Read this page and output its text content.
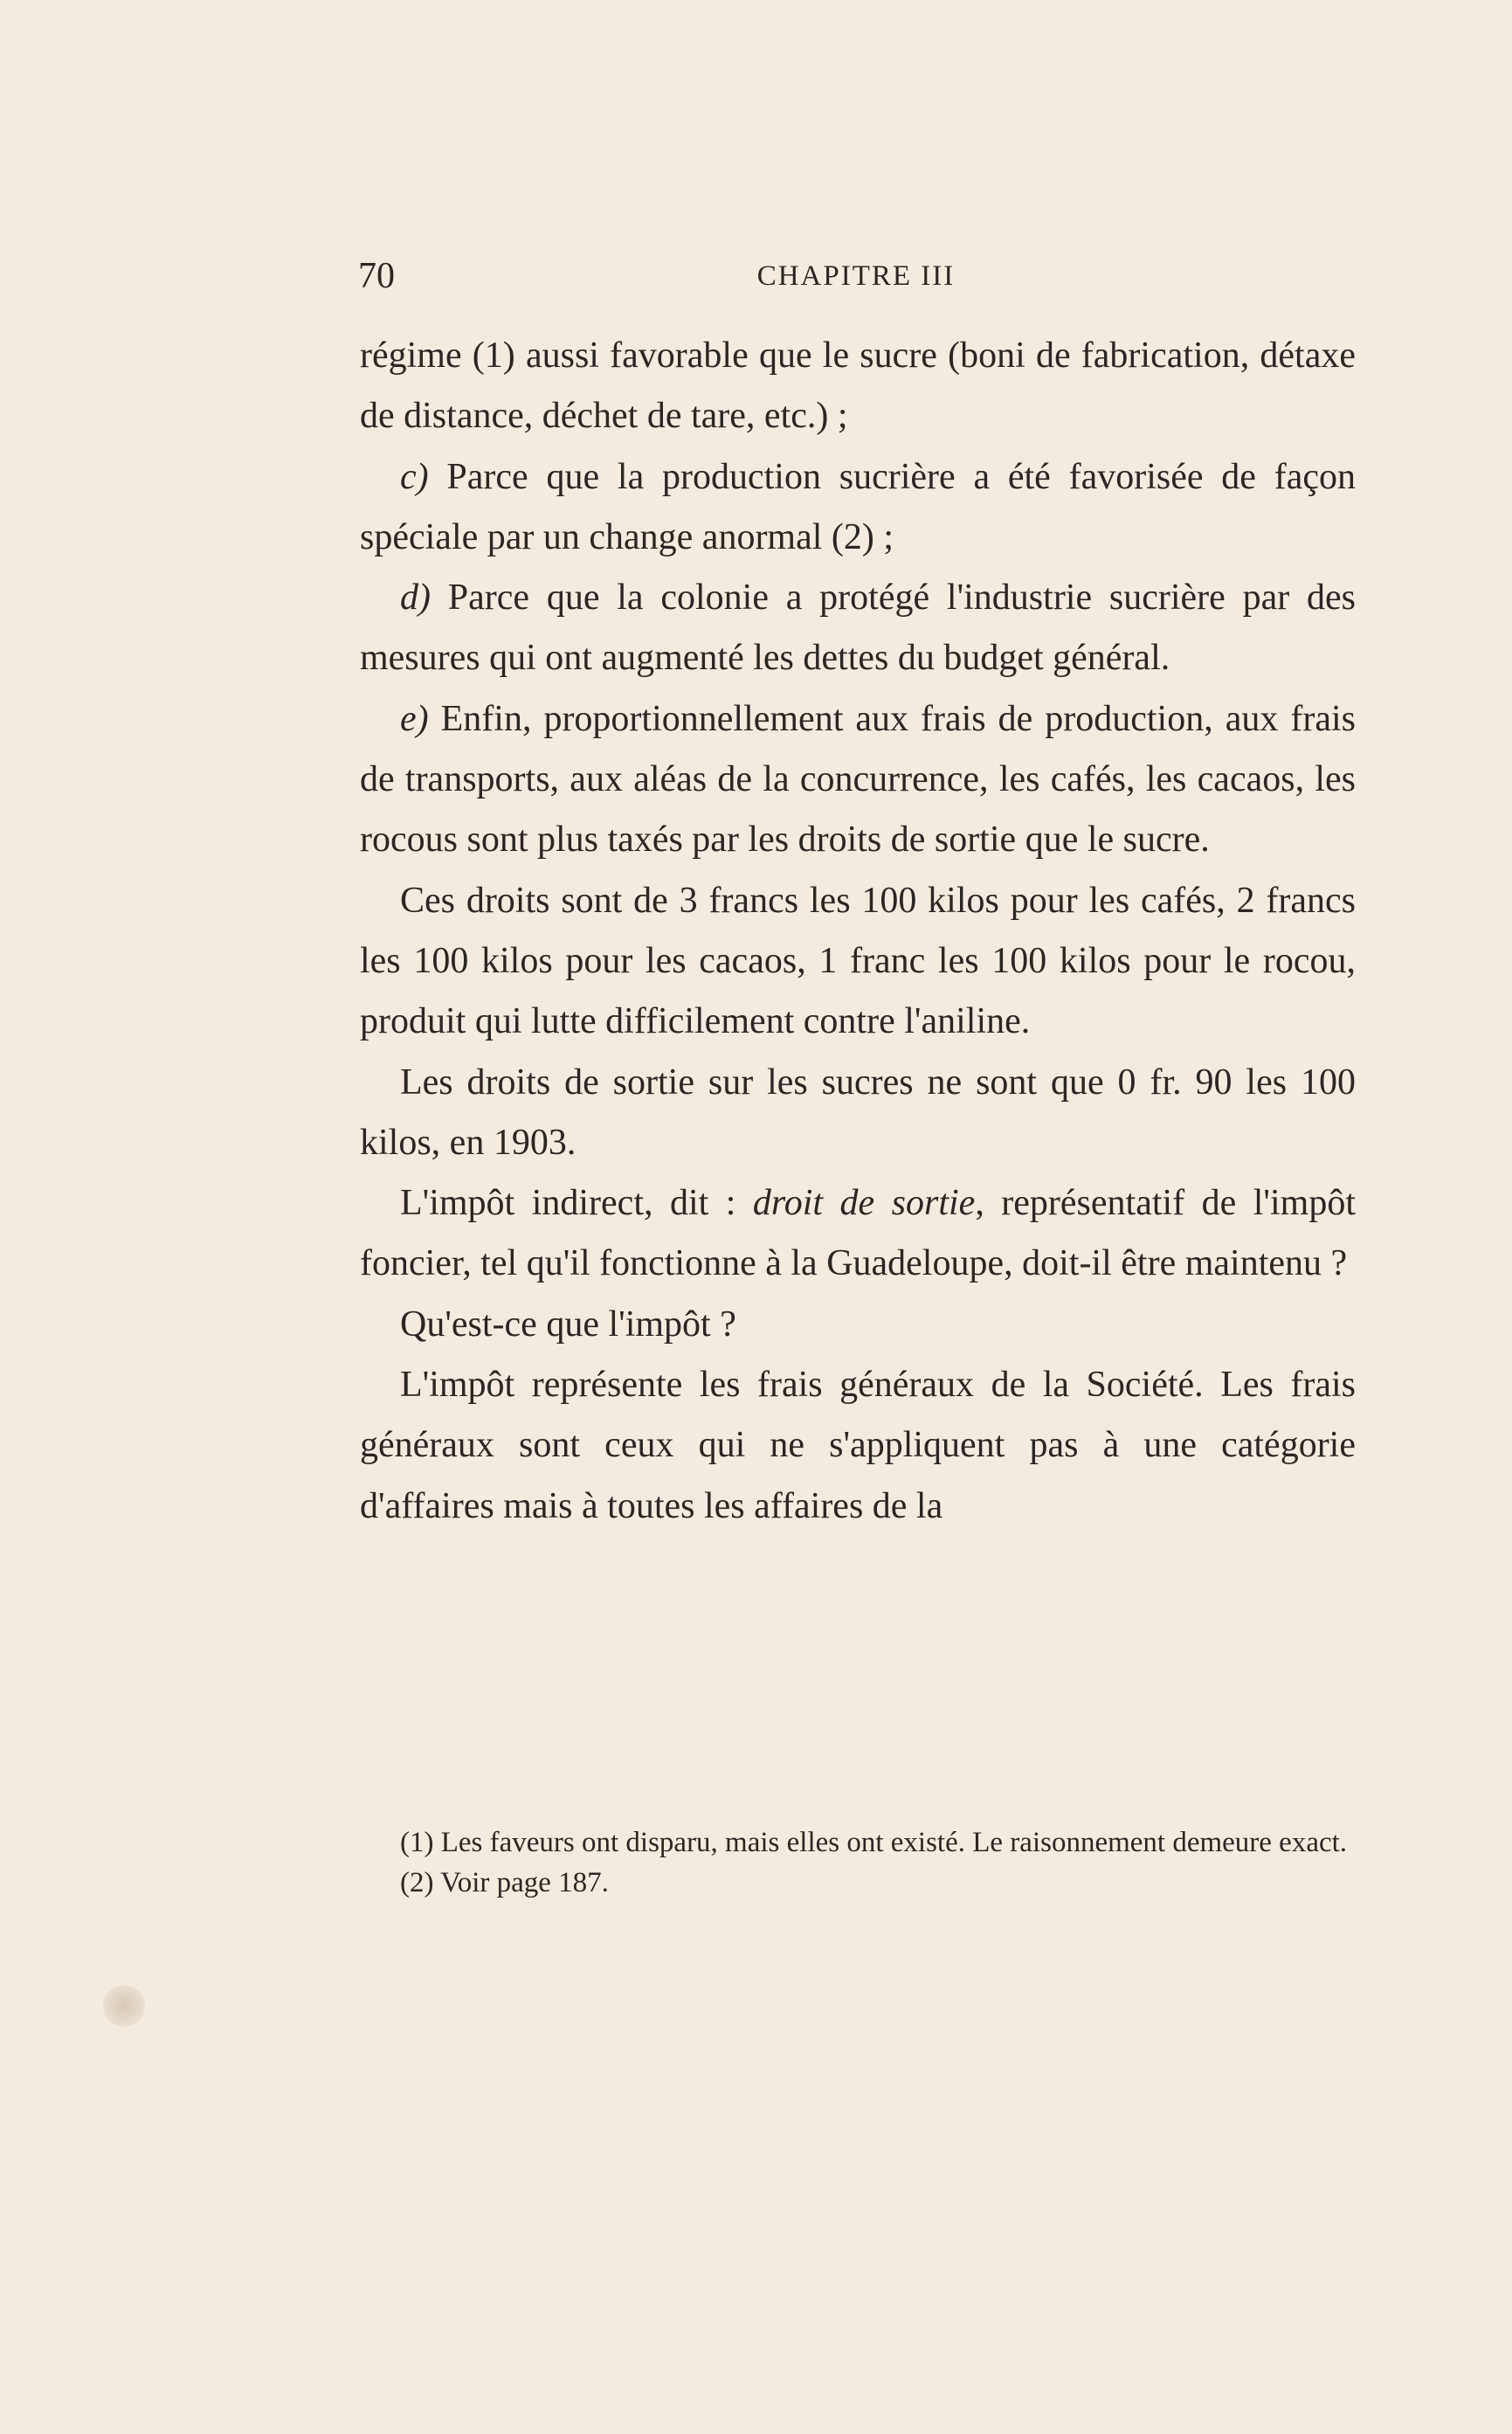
70	CHAPITRE III

régime (1) aussi favorable que le sucre (boni de fabrication, détaxe de distance, déchet de tare, etc.) ;

c) Parce que la production sucrière a été favorisée de façon spéciale par un change anormal (2) ;

d) Parce que la colonie a protégé l'industrie sucrière par des mesures qui ont augmenté les dettes du budget général.

e) Enfin, proportionnellement aux frais de production, aux frais de transports, aux aléas de la concurrence, les cafés, les cacaos, les rocous sont plus taxés par les droits de sortie que le sucre.

Ces droits sont de 3 francs les 100 kilos pour les cafés, 2 francs les 100 kilos pour les cacaos, 1 franc les 100 kilos pour le rocou, produit qui lutte difficilement contre l'aniline.

Les droits de sortie sur les sucres ne sont que 0 fr. 90 les 100 kilos, en 1903.

L'impôt indirect, dit : droit de sortie, représentatif de l'impôt foncier, tel qu'il fonctionne à la Guadeloupe, doit-il être maintenu ?

Qu'est-ce que l'impôt ?

L'impôt représente les frais généraux de la Société. Les frais généraux sont ceux qui ne s'appliquent pas à une catégorie d'affaires mais à toutes les affaires de la

(1) Les faveurs ont disparu, mais elles ont existé. Le raisonnement demeure exact.

(2) Voir page 187.
